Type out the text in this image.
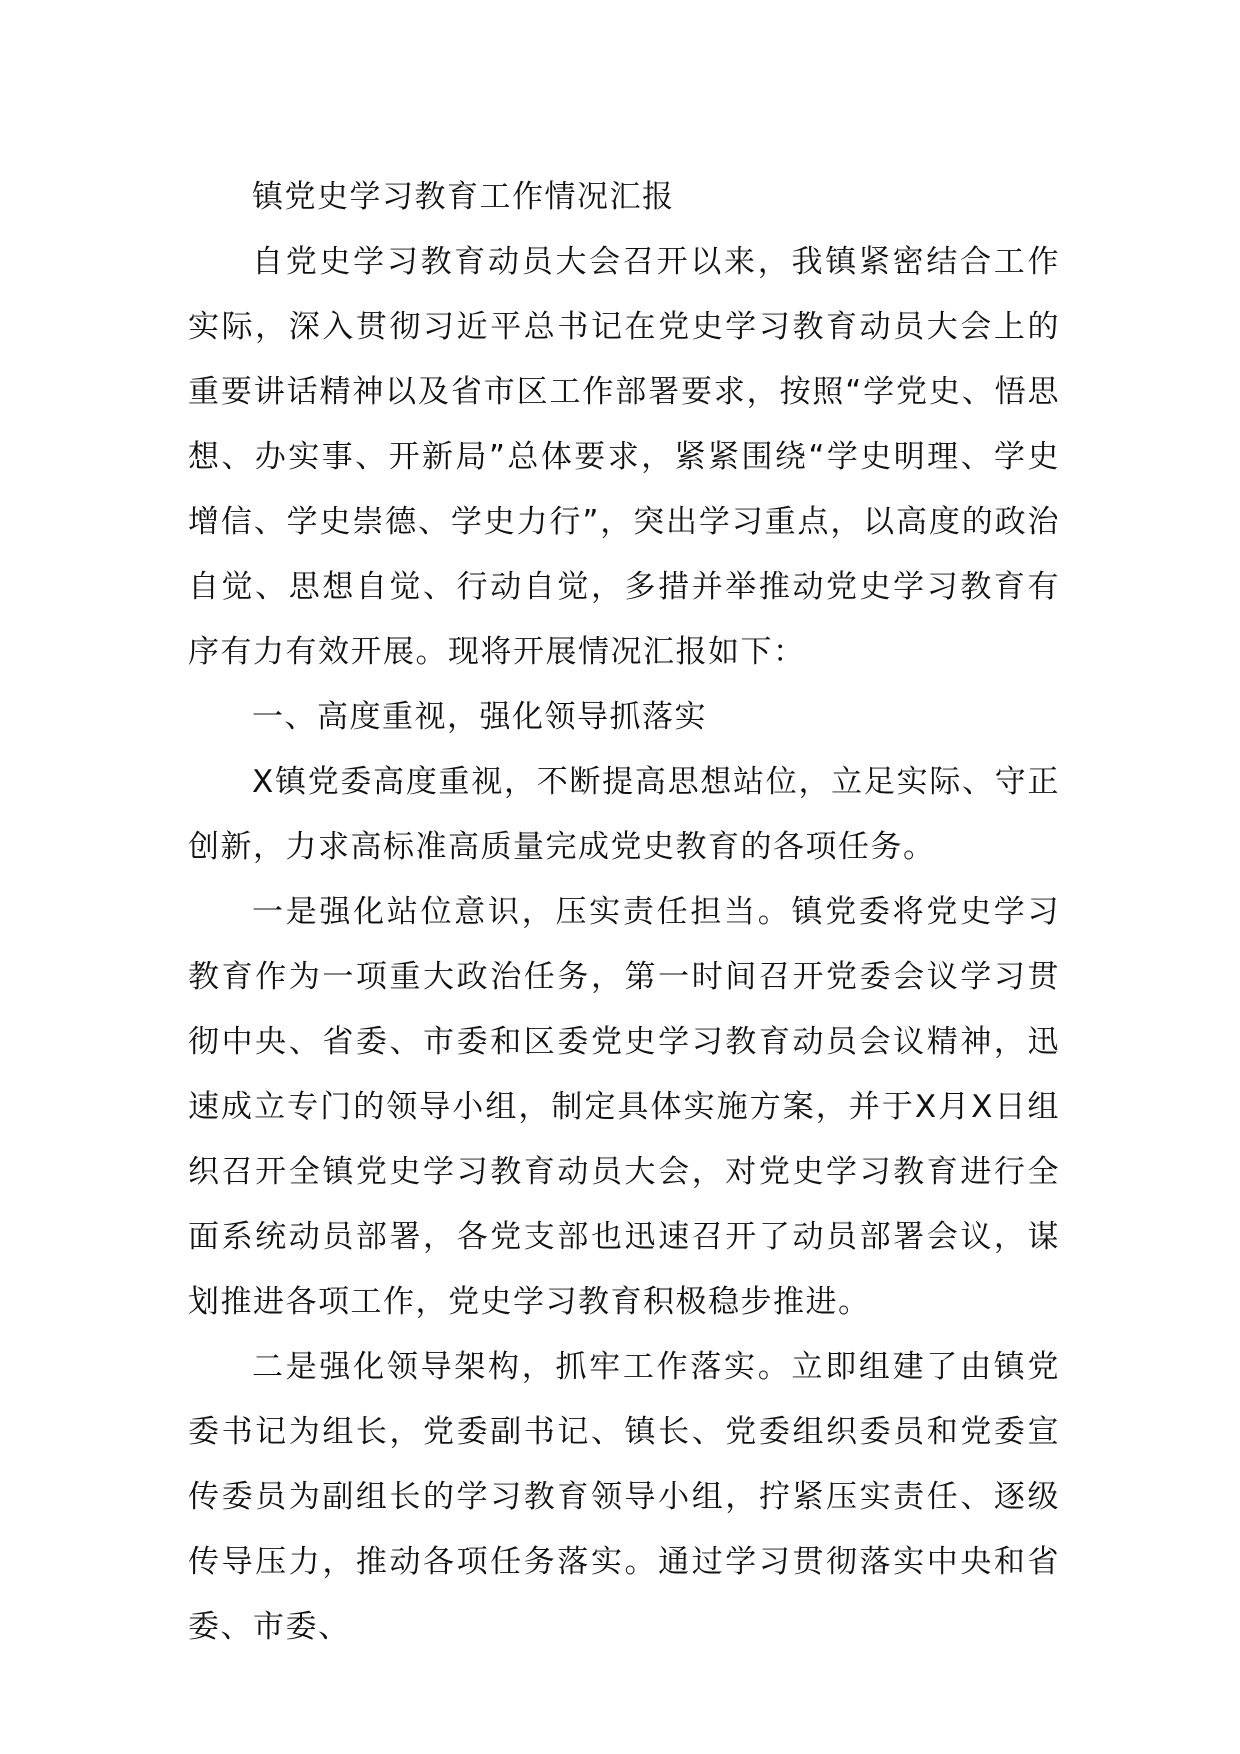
镇党史学习教育工作情况汇报

自党史学习教育动员大会召开以来，我镇紧密结合工作实际，深入贯彻习近平总书记在党史学习教育动员大会上的重要讲话精神以及省市区工作部署要求，按照“学党史、悟思想、办实事、开新局”总体要求，紧紧围绕“学史明理、学史增信、学史崇德、学史力行”，突出学习重点，以高度的政治自觉、思想自觉、行动自觉，多措并举推动党史学习教育有序有力有效开展。现将开展情况汇报如下：

一、高度重视，强化领导抓落实

X镇党委高度重视，不断提高思想站位，立足实际、守正创新，力求高标准高质量完成党史教育的各项任务。

一是强化站位意识，压实责任担当。镇党委将党史学习教育作为一项重大政治任务，第一时间召开党委会议学习贯彻中央、省委、市委和区委党史学习教育动员会议精神，迅速成立专门的领导小组，制定具体实施方案，并于X月X日组织召开全镇党史学习教育动员大会，对党史学习教育进行全面系统动员部署，各党支部也迅速召开了动员部署会议，谋划推进各项工作，党史学习教育积极稳步推进。

二是强化领导架构，抓牢工作落实。立即组建了由镇党委书记为组长，党委副书记、镇长、党委组织委员和党委宣传委员为副组长的学习教育领导小组，拧紧压实责任、逐级传导压力，推动各项任务落实。通过学习贯彻落实中央和省委、市委、
